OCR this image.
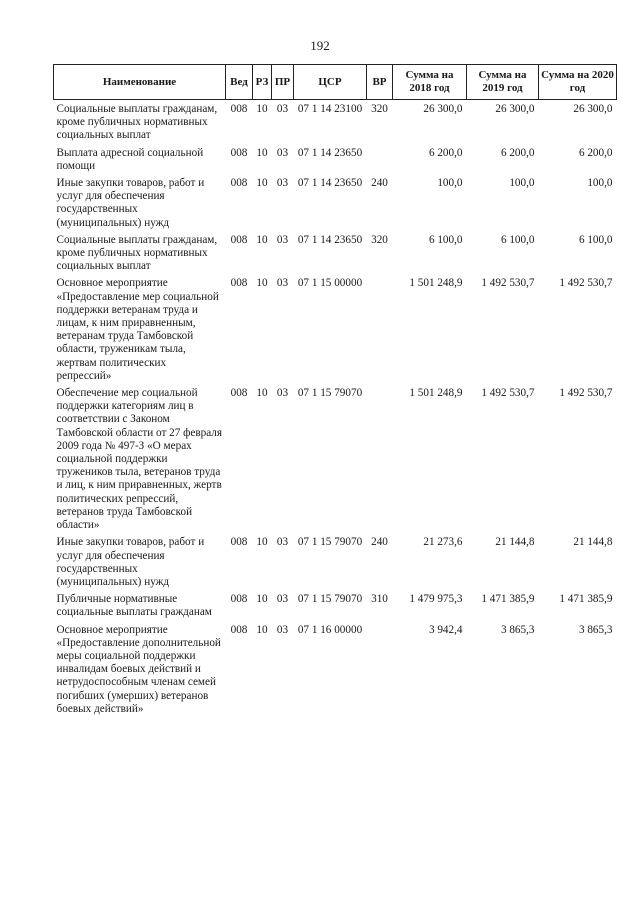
192
Наименование	Вед	РЗ	ПР	ЦСР	ВР	Сумма на 2018 год	Сумма на 2019 год	Сумма на 2020 год
Социальные выплаты гражданам, кроме публичных нормативных социальных выплат	008	10	03	07 1 14 23100	320	26 300,0	26 300,0	26 300,0
Выплата адресной социальной помощи	008	10	03	07 1 14 23650		6 200,0	6 200,0	6 200,0
Иные закупки товаров, работ и услуг для обеспечения государственных (муниципальных) нужд	008	10	03	07 1 14 23650	240	100,0	100,0	100,0
Социальные выплаты гражданам, кроме публичных нормативных социальных выплат	008	10	03	07 1 14 23650	320	6 100,0	6 100,0	6 100,0
Основное мероприятие «Предоставление мер социальной поддержки ветеранам труда и лицам, к ним приравненным, ветеранам труда Тамбовской области, труженикам тыла, жертвам политических репрессий»	008	10	03	07 1 15 00000		1 501 248,9	1 492 530,7	1 492 530,7
Обеспечение мер социальной поддержки категориям лиц в соответствии с Законом Тамбовской области от 27 февраля 2009 года № 497-З «О мерах социальной поддержки тружеников тыла, ветеранов труда и лиц, к ним приравненных, жертв политических репрессий, ветеранов труда Тамбовской области»	008	10	03	07 1 15 79070		1 501 248,9	1 492 530,7	1 492 530,7
Иные закупки товаров, работ и услуг для обеспечения государственных (муниципальных) нужд	008	10	03	07 1 15 79070	240	21 273,6	21 144,8	21 144,8
Публичные нормативные социальные выплаты гражданам	008	10	03	07 1 15 79070	310	1 479 975,3	1 471 385,9	1 471 385,9
Основное мероприятие «Предоставление дополнительной меры социальной поддержки инвалидам боевых действий и нетрудоспособным членам семей погибших (умерших) ветеранов боевых действий»	008	10	03	07 1 16 00000		3 942,4	3 865,3	3 865,3
